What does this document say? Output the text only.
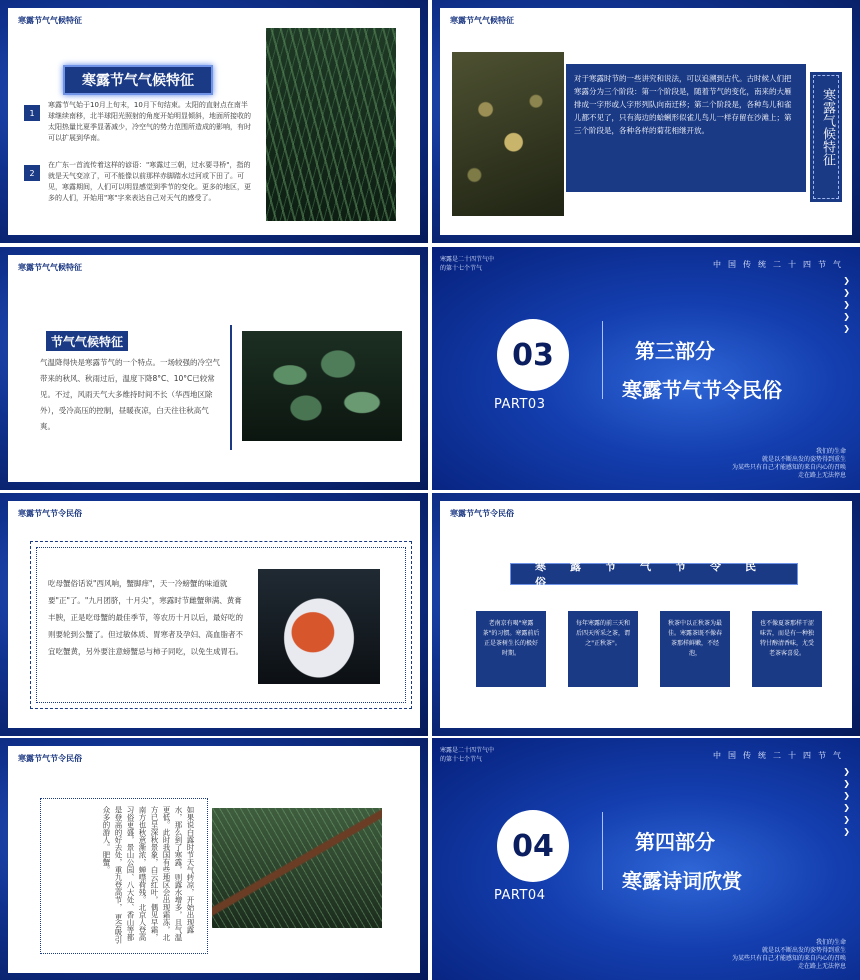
寒露节气气候特征
寒露节气气候特征
1
寒露节气始于10月上旬末，10月下旬结束。太阳的直射点在南半球继续南移，北半球阳光照射的角度开始明显倾斜，地面所接收的太阳热量比夏季显著减少，冷空气的势力范围所造成的影响，有时可以扩展到华南。
2
在广东一首流传着这样的谚语："寒露过三朝，过水要寻桥"，指的就是天气变凉了，可不能像以前那样赤脚踏水过河或下田了。可见，寒露期间，人们可以明显感觉到季节的变化。更多的地区，更多的人们，开始用"寒"字来表达自己对天气的感受了。
寒露节气气候特征
对于寒露时节的一些讲究和说法，可以追溯到古代。古时候人们把寒露分为三个阶段：第一个阶段是，随着节气的变化，南来的大雁排成一字形或人字形列队向南迁移；第二个阶段是，各种鸟儿和雀儿都不见了，只有海边的蛤蜊形似雀儿鸟儿一样存留在沙滩上；第三个阶段是，各种各样的菊花相继开放。	寒露气候特征
寒露节气气候特征
节气气候特征
气温降得快是寒露节气的一个特点。一场较强的冷空气带来的秋风、秋雨过后，温度下降8°C、10°C已较常见。不过，风雨天气大多维持时间不长（华西地区除外），受冷高压的控制，昼暖夜凉，白天往往秋高气爽。
寒露是二十四节气中
的第十七个节气	中国传统二十四节气
❯
❯
❯
❯
❯
03
PART03
第三部分
寒露节气节令民俗
我们的生命
就是以不断出发的姿势得到重生
为某些只有自己才能感知的来自内心的召唤
走在路上无法停息
寒露节气节令民俗
吃母蟹俗话说"西风响，蟹脚痒"，天一冷螃蟹的味道就要"正"了。"九月团脐，十月尖"，寒露时节雌蟹卵满、黄膏丰腴，正是吃母蟹的最佳季节，等农历十月以后，最好吃的则要轮到公蟹了。但过敏体质、胃寒者及孕妇、高血脂者不宜吃蟹黄，另外要注意螃蟹忌与柿子同吃，以免生成胃石。
寒露节气节令民俗
寒露节气节令民俗
老南京有喝"寒露茶"的习惯。寒露前后正是茶树生长的极好时期。
每年寒露的前三天和后四天所采之茶，谓之"正秋茶"。
秋茶中以正秋茶为最佳。寒露茶既不像春茶那样鲜嫩，不经泡，
也不像夏茶那样干涩味苦，而是有一种独特甘醇清香味，尤受老茶客喜爱。
寒露节气节令民俗
如果说白露时节天气转凉，开始出现露水，那么到了寒露，则露水增多，且气温更低。此时我国有些地区会出现霜冻，北方已呈深秋景象，白云红叶，偶见早霜，南方也秋意渐浓，蝉噤荷残。北京人登高习俗更盛，景山公园、八大处、香山等都是登高的好去处，重九登高节， 更会吸引众多的游人。肥蟹。
寒露是二十四节气中
的第十七个节气	中国传统二十四节气
❯
❯
❯
❯
❯
❯
04
PART04
第四部分
寒露诗词欣赏
我们的生命
就是以不断出发的姿势得到重生
为某些只有自己才能感知的来自内心的召唤
走在路上无法停息
